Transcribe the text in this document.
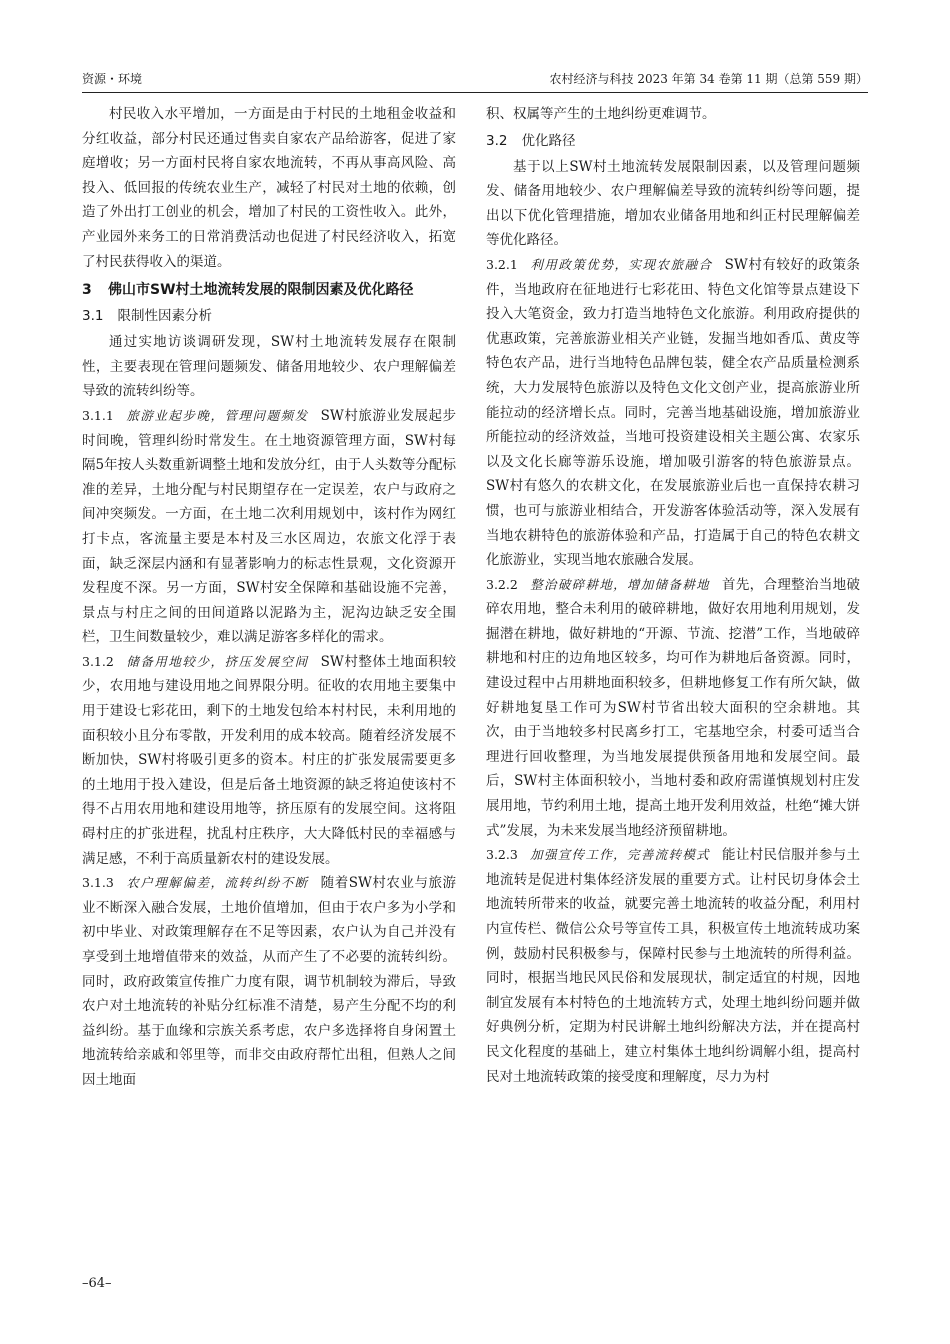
资源・环境	农村经济与科技 2023 年第 34 卷第 11 期（总第 559 期）

村民收入水平增加，一方面是由于村民的土地租金收益和分红收益，部分村民还通过售卖自家农产品给游客，促进了家庭增收；另一方面村民将自家农地流转，不再从事高风险、高投入、低回报的传统农业生产，减轻了村民对土地的依赖，创造了外出打工创业的机会，增加了村民的工资性收入。此外，产业园外来务工的日常消费活动也促进了村民经济收入，拓宽了村民获得收入的渠道。

3	佛山市SW村土地流转发展的限制因素及优化路径
3.1 限制性因素分析

通过实地访谈调研发现，SW村土地流转发展存在限制性，主要表现在管理问题频发、储备用地较少、农户理解偏差导致的流转纠纷等。

3.1.1 旅游业起步晚，管理问题频发 SW村旅游业发展起步时间晚，管理纠纷时常发生。在土地资源管理方面，SW村每隔5年按人头数重新调整土地和发放分红，由于人头数等分配标准的差异，土地分配与村民期望存在一定误差，农户与政府之间冲突频发。一方面，在土地二次利用规划中，该村作为网红打卡点，客流量主要是本村及三水区周边，农旅文化浮于表面，缺乏深层内涵和有显著影响力的标志性景观，文化资源开发程度不深。另一方面，SW村安全保障和基础设施不完善，景点与村庄之间的田间道路以泥路为主，泥沟边缺乏安全围栏，卫生间数量较少，难以满足游客多样化的需求。

3.1.2 储备用地较少，挤压发展空间 SW村整体土地面积较少，农用地与建设用地之间界限分明。征收的农用地主要集中用于建设七彩花田，剩下的土地发包给本村村民，未利用地的面积较小且分布零散，开发利用的成本较高。随着经济发展不断加快，SW村将吸引更多的资本。村庄的扩张发展需要更多的土地用于投入建设，但是后备土地资源的缺乏将迫使该村不得不占用农用地和建设用地等，挤压原有的发展空间。这将阻碍村庄的扩张进程，扰乱村庄秩序，大大降低村民的幸福感与满足感，不利于高质量新农村的建设发展。

3.1.3 农户理解偏差，流转纠纷不断 随着SW村农业与旅游业不断深入融合发展，土地价值增加，但由于农户多为小学和初中毕业、对政策理解存在不足等因素，农户认为自己并没有享受到土地增值带来的效益，从而产生了不必要的流转纠纷。同时，政府政策宣传推广力度有限，调节机制较为滞后，导致农户对土地流转的补贴分红标准不清楚，易产生分配不均的利益纠纷。基于血缘和宗族关系考虑，农户多选择将自身闲置土地流转给亲戚和邻里等，而非交由政府帮忙出租，但熟人之间因土地面

积、权属等产生的土地纠纷更难调节。

3.2 优化路径

基于以上SW村土地流转发展限制因素，以及管理问题频发、储备用地较少、农户理解偏差导致的流转纠纷等问题，提出以下优化管理措施，增加农业储备用地和纠正村民理解偏差等优化路径。

3.2.1 利用政策优势，实现农旅融合 SW村有较好的政策条件，当地政府在征地进行七彩花田、特色文化馆等景点建设下投入大笔资金，致力打造当地特色文化旅游。利用政府提供的优惠政策，完善旅游业相关产业链，发掘当地如香瓜、黄皮等特色农产品，进行当地特色品牌包装，健全农产品质量检测系统，大力发展特色旅游以及特色文化文创产业，提高旅游业所能拉动的经济增长点。同时，完善当地基础设施，增加旅游业所能拉动的经济效益，当地可投资建设相关主题公寓、农家乐以及文化长廊等游乐设施，增加吸引游客的特色旅游景点。SW村有悠久的农耕文化，在发展旅游业后也一直保持农耕习惯，也可与旅游业相结合，开发游客体验活动等，深入发展有当地农耕特色的旅游体验和产品，打造属于自己的特色农耕文化旅游业，实现当地农旅融合发展。

3.2.2 整治破碎耕地，增加储备耕地 首先，合理整治当地破碎农用地，整合未利用的破碎耕地，做好农用地利用规划，发掘潜在耕地，做好耕地的“开源、节流、挖潜”工作，当地破碎耕地和村庄的边角地区较多，均可作为耕地后备资源。同时，建设过程中占用耕地面积较多，但耕地修复工作有所欠缺，做好耕地复垦工作可为SW村节省出较大面积的空余耕地。其次，由于当地较多村民离乡打工，宅基地空余，村委可适当合理进行回收整理，为当地发展提供预备用地和发展空间。最后，SW村主体面积较小，当地村委和政府需谨慎规划村庄发展用地，节约利用土地，提高土地开发利用效益，杜绝“摊大饼式”发展，为未来发展当地经济预留耕地。

3.2.3 加强宣传工作，完善流转模式 能让村民信服并参与土地流转是促进村集体经济发展的重要方式。让村民切身体会土地流转所带来的收益，就要完善土地流转的收益分配，利用村内宣传栏、微信公众号等宣传工具，积极宣传土地流转成功案例，鼓励村民积极参与，保障村民参与土地流转的所得利益。同时，根据当地民风民俗和发展现状，制定适宜的村规，因地制宜发展有本村特色的土地流转方式，处理土地纠纷问题并做好典例分析，定期为村民讲解土地纠纷解决方法，并在提高村民文化程度的基础上，建立村集体土地纠纷调解小组，提高村民对土地流转政策的接受度和理解度，尽力为村

–64–
